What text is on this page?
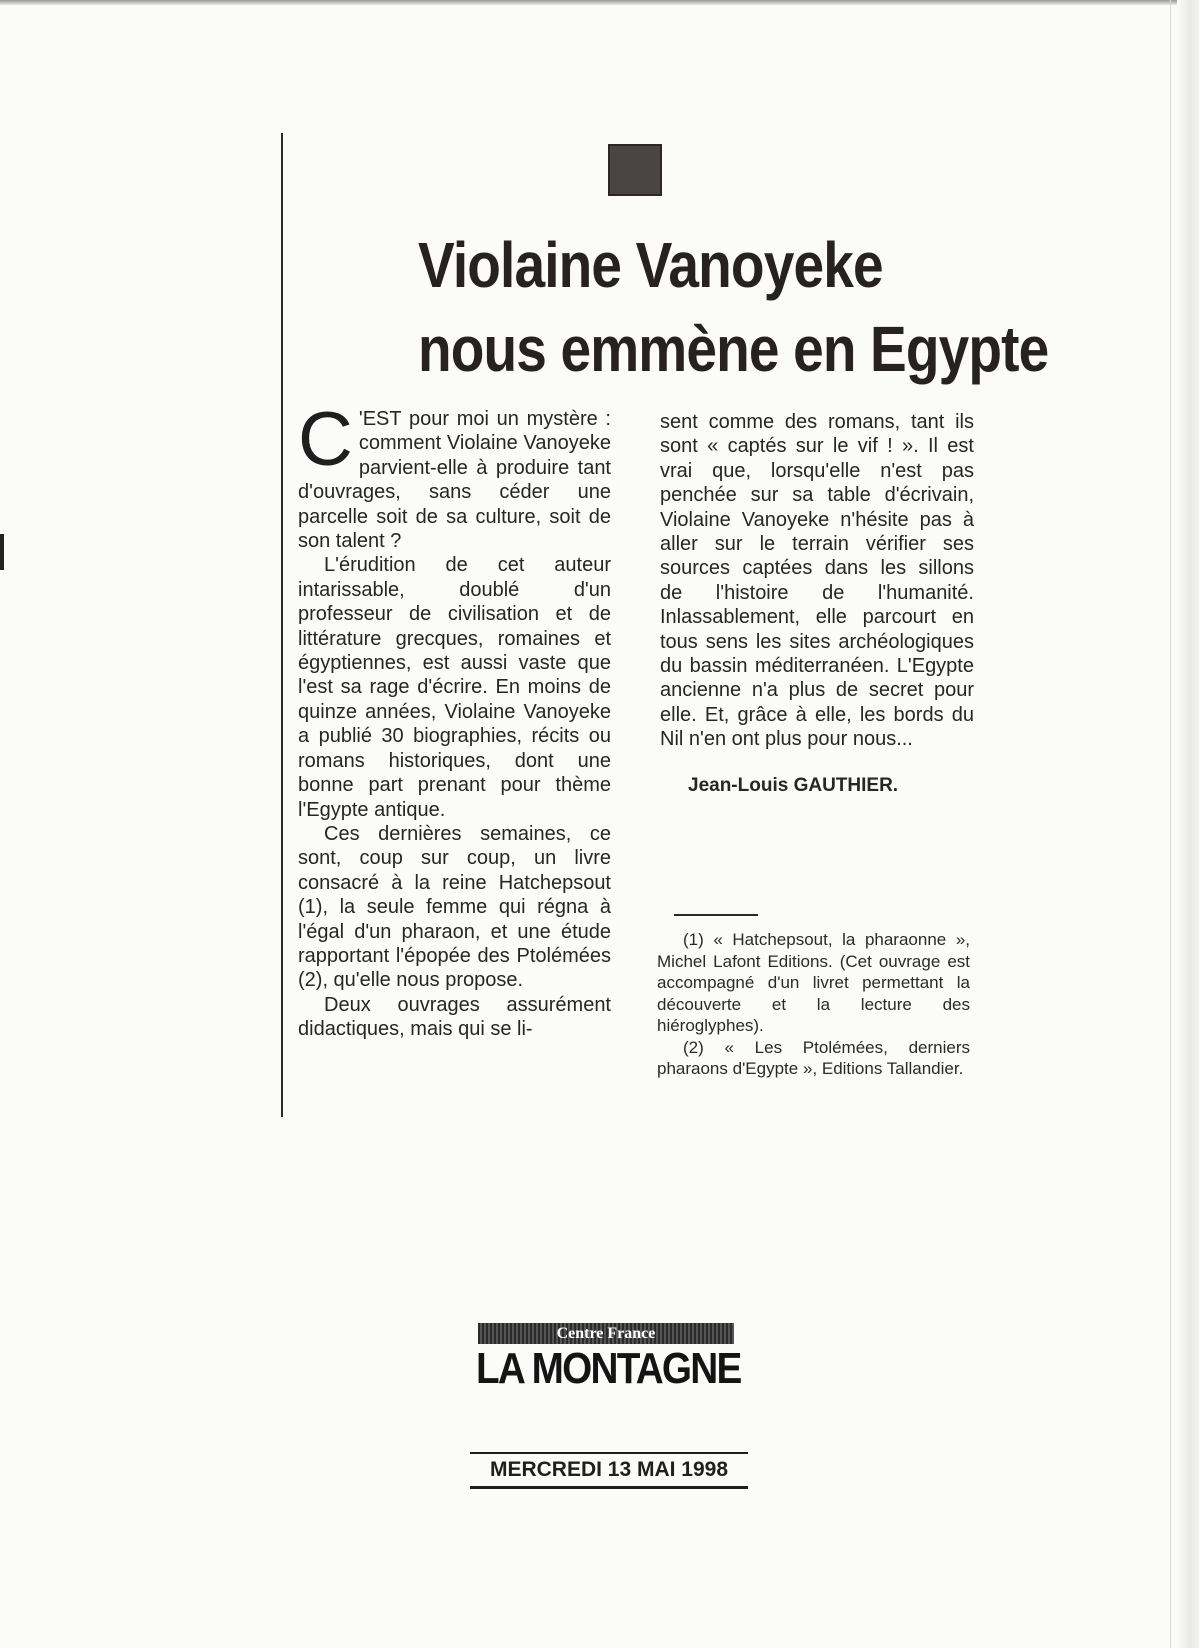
Violaine Vanoyeke
nous emmène en Egypte

C 'EST pour moi un mystère : comment Violaine Vanoyeke parvient-elle à produire tant d'ouvrages, sans céder une parcelle soit de sa culture, soit de son talent ?

L'érudition de cet auteur intarissable, doublé d'un professeur de civilisation et de littérature grecques, romaines et égyptiennes, est aussi vaste que l'est sa rage d'écrire. En moins de quinze années, Violaine Vanoyeke a publié 30 biographies, récits ou romans historiques, dont une bonne part prenant pour thème l'Egypte antique.

Ces dernières semaines, ce sont, coup sur coup, un livre consacré à la reine Hatchepsout (1), la seule femme qui régna à l'égal d'un pharaon, et une étude rapportant l'épopée des Ptolémées (2), qu'elle nous propose.

Deux ouvrages assurément didactiques, mais qui se li-

sent comme des romans, tant ils sont « captés sur le vif ! ». Il est vrai que, lorsqu'elle n'est pas penchée sur sa table d'écrivain, Violaine Vanoyeke n'hésite pas à aller sur le terrain vérifier ses sources captées dans les sillons de l'histoire de l'humanité. Inlassablement, elle parcourt en tous sens les sites archéologiques du bassin méditerranéen. L'Egypte ancienne n'a plus de secret pour elle. Et, grâce à elle, les bords du Nil n'en ont plus pour nous...

Jean-Louis GAUTHIER.

(1) « Hatchepsout, la pharaonne », Michel Lafont Editions. (Cet ouvrage est accompagné d'un livret permettant la découverte et la lecture des hiéroglyphes).

(2) « Les Ptolémées, derniers pharaons d'Egypte », Editions Tallandier.

Centre France
LA MONTAGNE
MERCREDI 13 MAI 1998
